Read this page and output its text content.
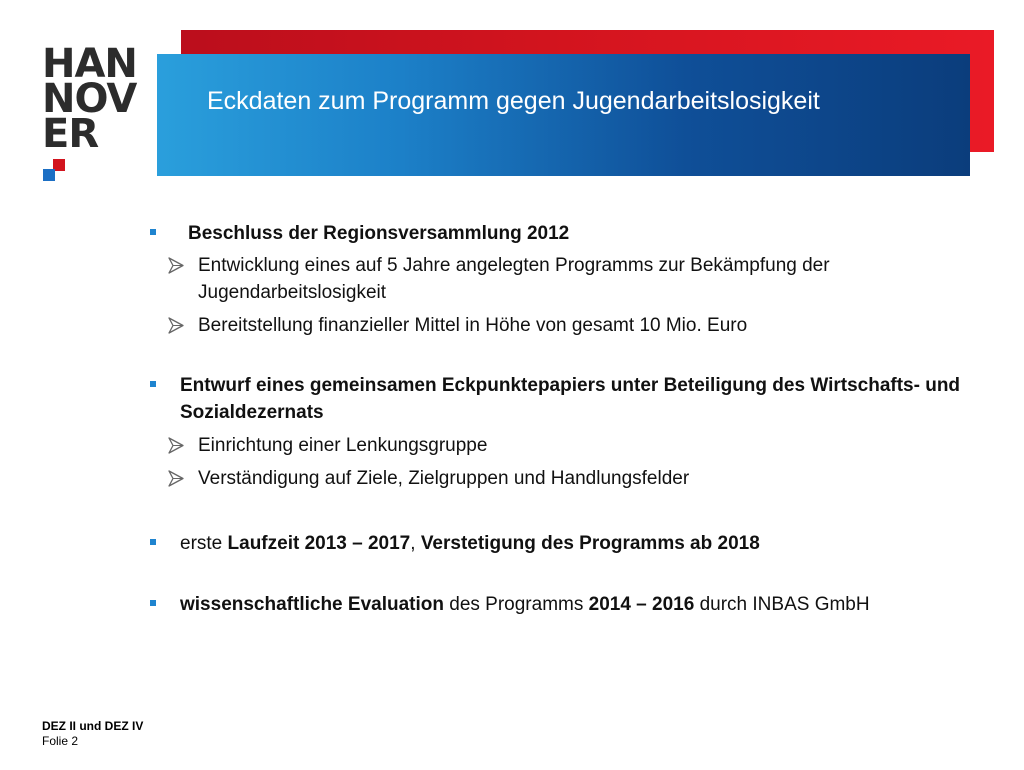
HAN
NOV
ER
Eckdaten zum Programm gegen Jugendarbeitslosigkeit
Beschluss der Regionsversammlung 2012
Entwicklung eines auf 5 Jahre angelegten Programms zur Bekämpfung der Jugendarbeitslosigkeit
Bereitstellung finanzieller Mittel in Höhe von gesamt 10 Mio. Euro
Entwurf eines gemeinsamen Eckpunktepapiers unter Beteiligung des Wirtschafts- und Sozialdezernats
Einrichtung einer Lenkungsgruppe
Verständigung auf Ziele, Zielgruppen und Handlungsfelder
erste Laufzeit 2013 – 2017, Verstetigung des Programms ab 2018
wissenschaftliche Evaluation des Programms 2014 – 2016 durch INBAS GmbH
DEZ II und DEZ IV
Folie 2
